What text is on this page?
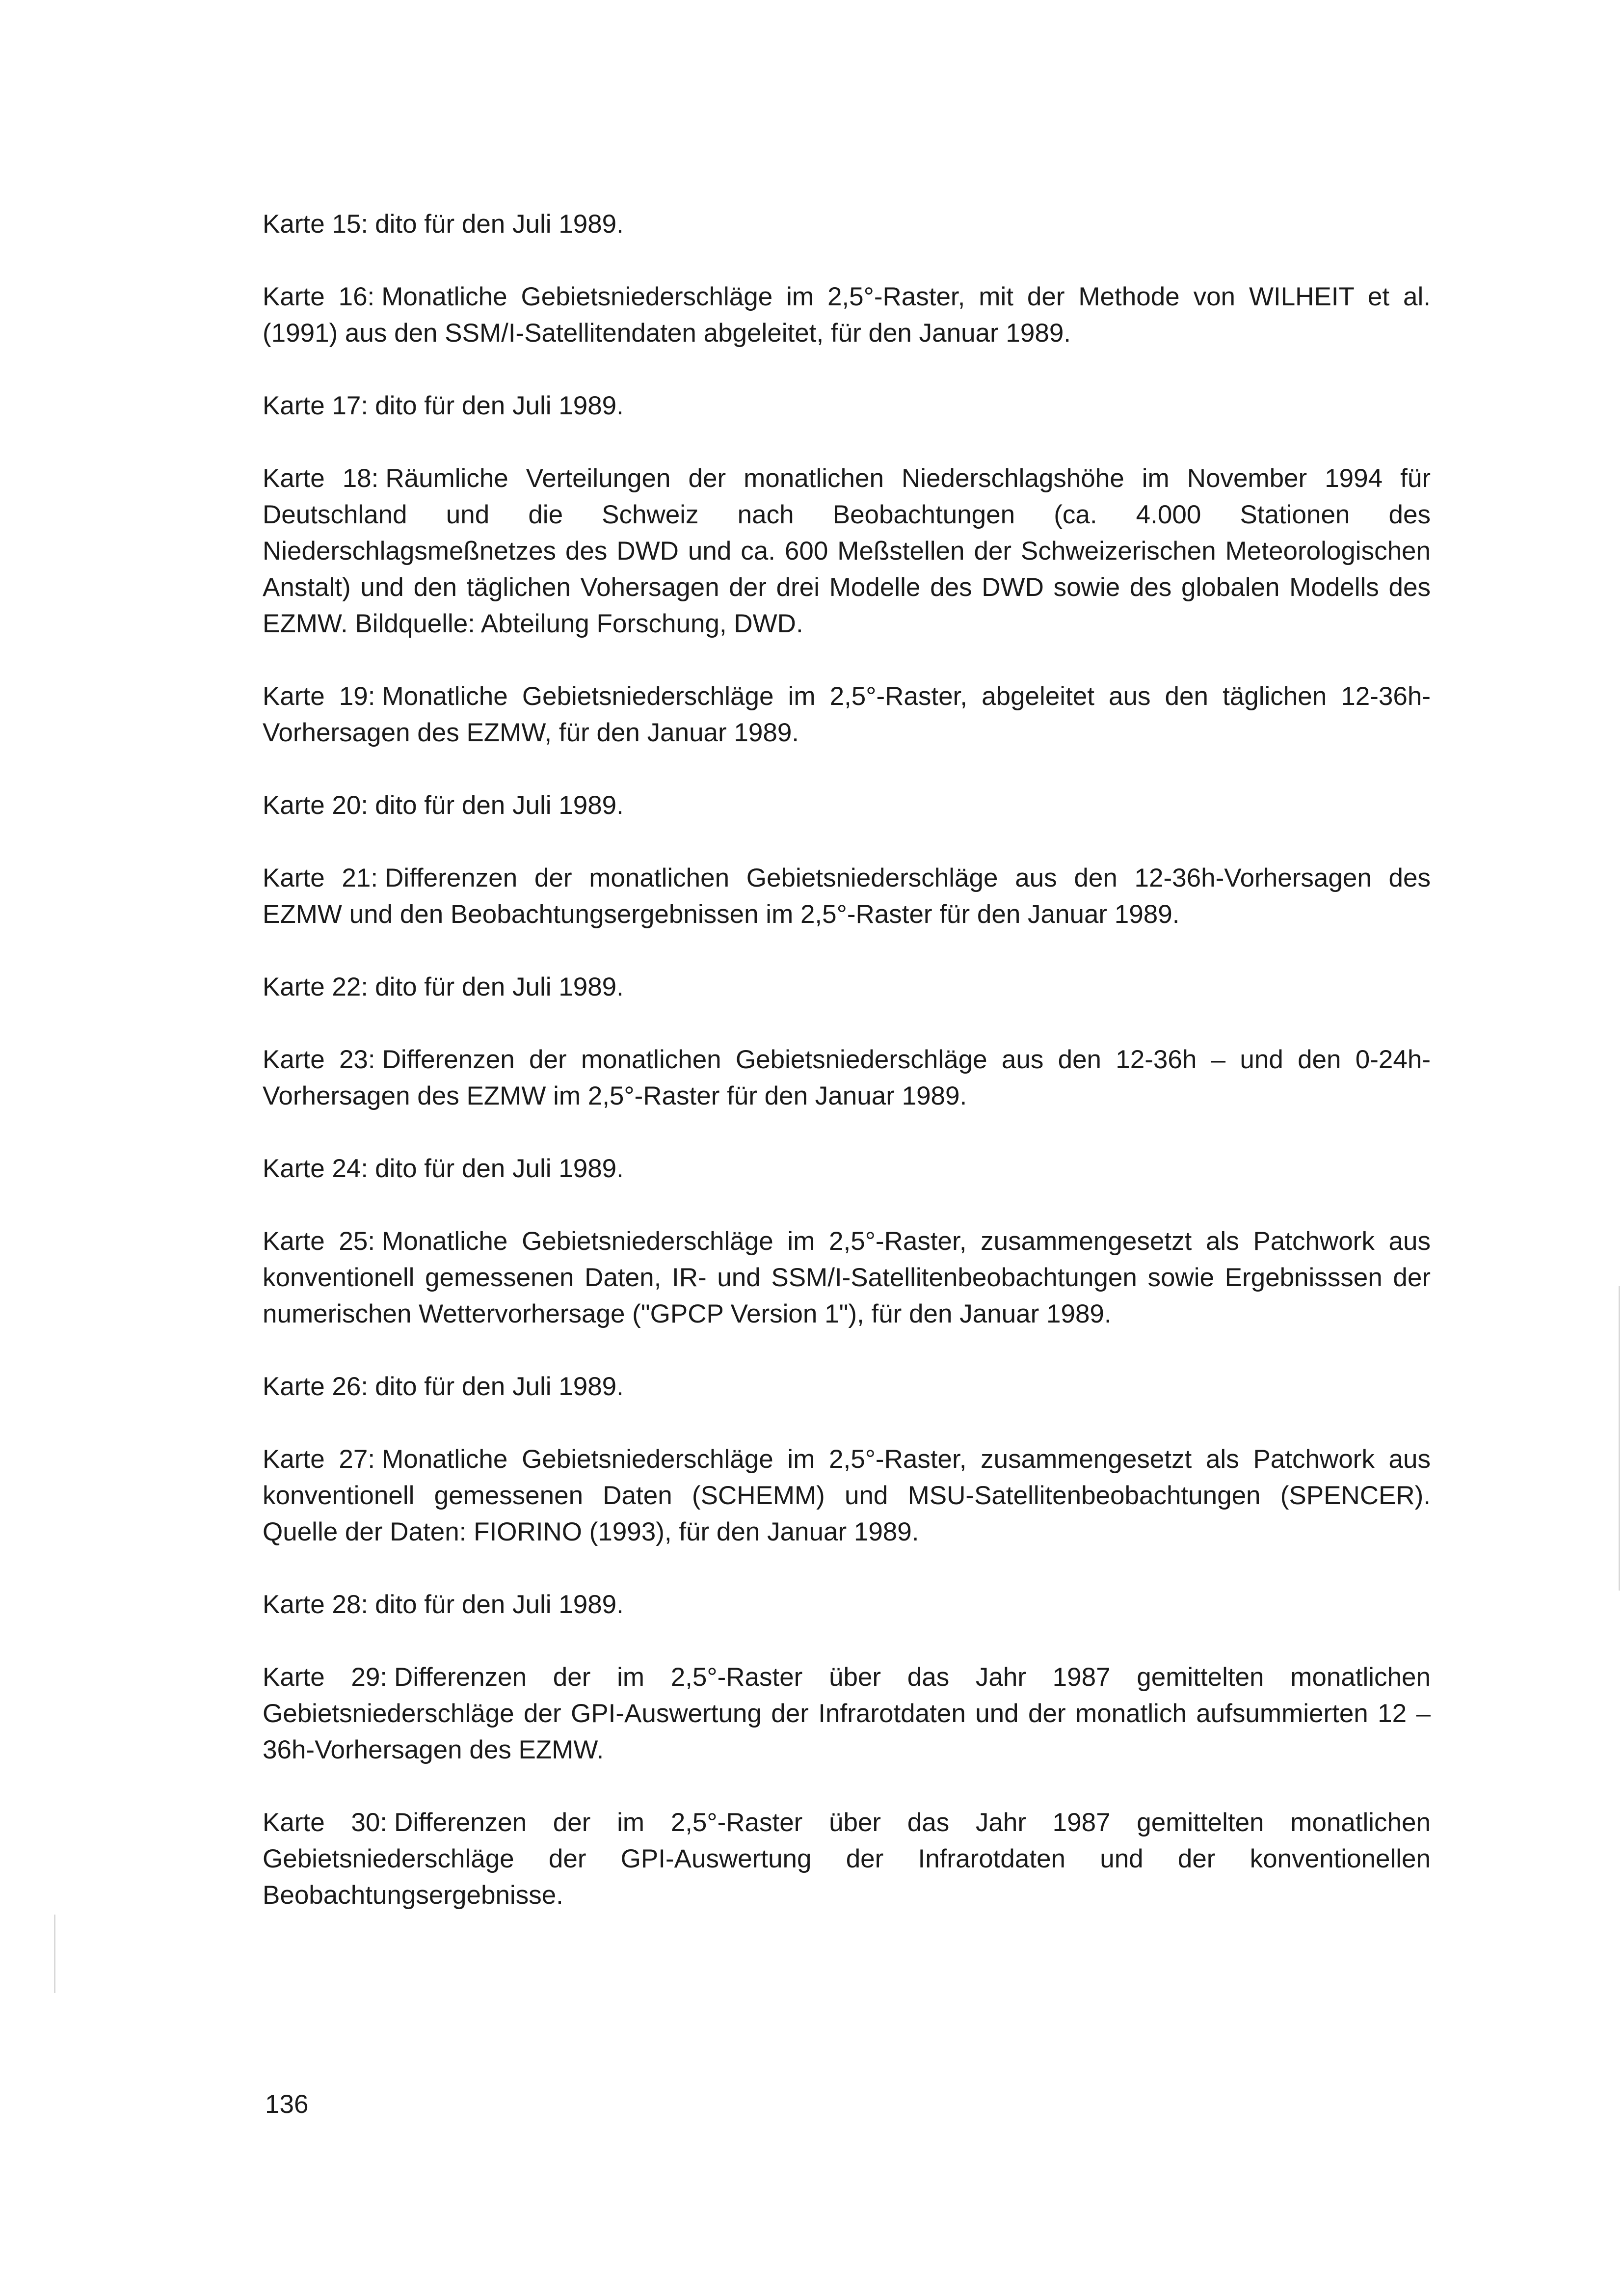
Karte 15: dito für den Juli 1989.

Karte 16: Monatliche Gebietsniederschläge im 2,5°-Raster, mit der Methode von WILHEIT et al. (1991) aus den SSM/I-Satellitendaten abgeleitet, für den Januar 1989.

Karte 17: dito für den Juli 1989.

Karte 18: Räumliche Verteilungen der monatlichen Niederschlagshöhe im November 1994 für Deutschland und die Schweiz nach Beobachtungen (ca. 4.000 Stationen des Niederschlagsmeßnetzes des DWD und ca. 600 Meßstellen der Schweizerischen Meteorologischen Anstalt) und den täglichen Vohersagen der drei Modelle des DWD sowie des globalen Modells des EZMW. Bildquelle: Abteilung Forschung, DWD.

Karte 19: Monatliche Gebietsniederschläge im 2,5°-Raster, abgeleitet aus den täglichen 12-36h-Vorhersagen des EZMW, für den Januar 1989.

Karte 20: dito für den Juli 1989.

Karte 21: Differenzen der monatlichen Gebietsniederschläge aus den 12-36h-Vorhersagen des EZMW und den Beobachtungsergebnissen im 2,5°-Raster für den Januar 1989.

Karte 22: dito für den Juli 1989.

Karte 23: Differenzen der monatlichen Gebietsniederschläge aus den 12-36h – und den 0-24h-Vorhersagen des EZMW im 2,5°-Raster für den Januar 1989.

Karte 24: dito für den Juli 1989.

Karte 25: Monatliche Gebietsniederschläge im 2,5°-Raster, zusammengesetzt als Patchwork aus konventionell gemessenen Daten, IR- und SSM/I-Satellitenbeobachtungen sowie Ergebnisssen der numerischen Wettervorhersage ("GPCP Version 1"), für den Januar 1989.

Karte 26: dito für den Juli 1989.

Karte 27: Monatliche Gebietsniederschläge im 2,5°-Raster, zusammengesetzt als Patchwork aus konventionell gemessenen Daten (SCHEMM) und MSU-Satellitenbeobachtungen (SPENCER). Quelle der Daten: FIORINO (1993), für den Januar 1989.

Karte 28: dito für den Juli 1989.

Karte 29: Differenzen der im 2,5°-Raster über das Jahr 1987 gemittelten monatlichen Gebietsniederschläge der GPI-Auswertung der Infrarotdaten und der monatlich aufsummierten 12 – 36h-Vorhersagen des EZMW.

Karte 30: Differenzen der im 2,5°-Raster über das Jahr 1987 gemittelten monatlichen Gebietsniederschläge der GPI-Auswertung der Infrarotdaten und der konventionellen Beobachtungsergebnisse.

136
